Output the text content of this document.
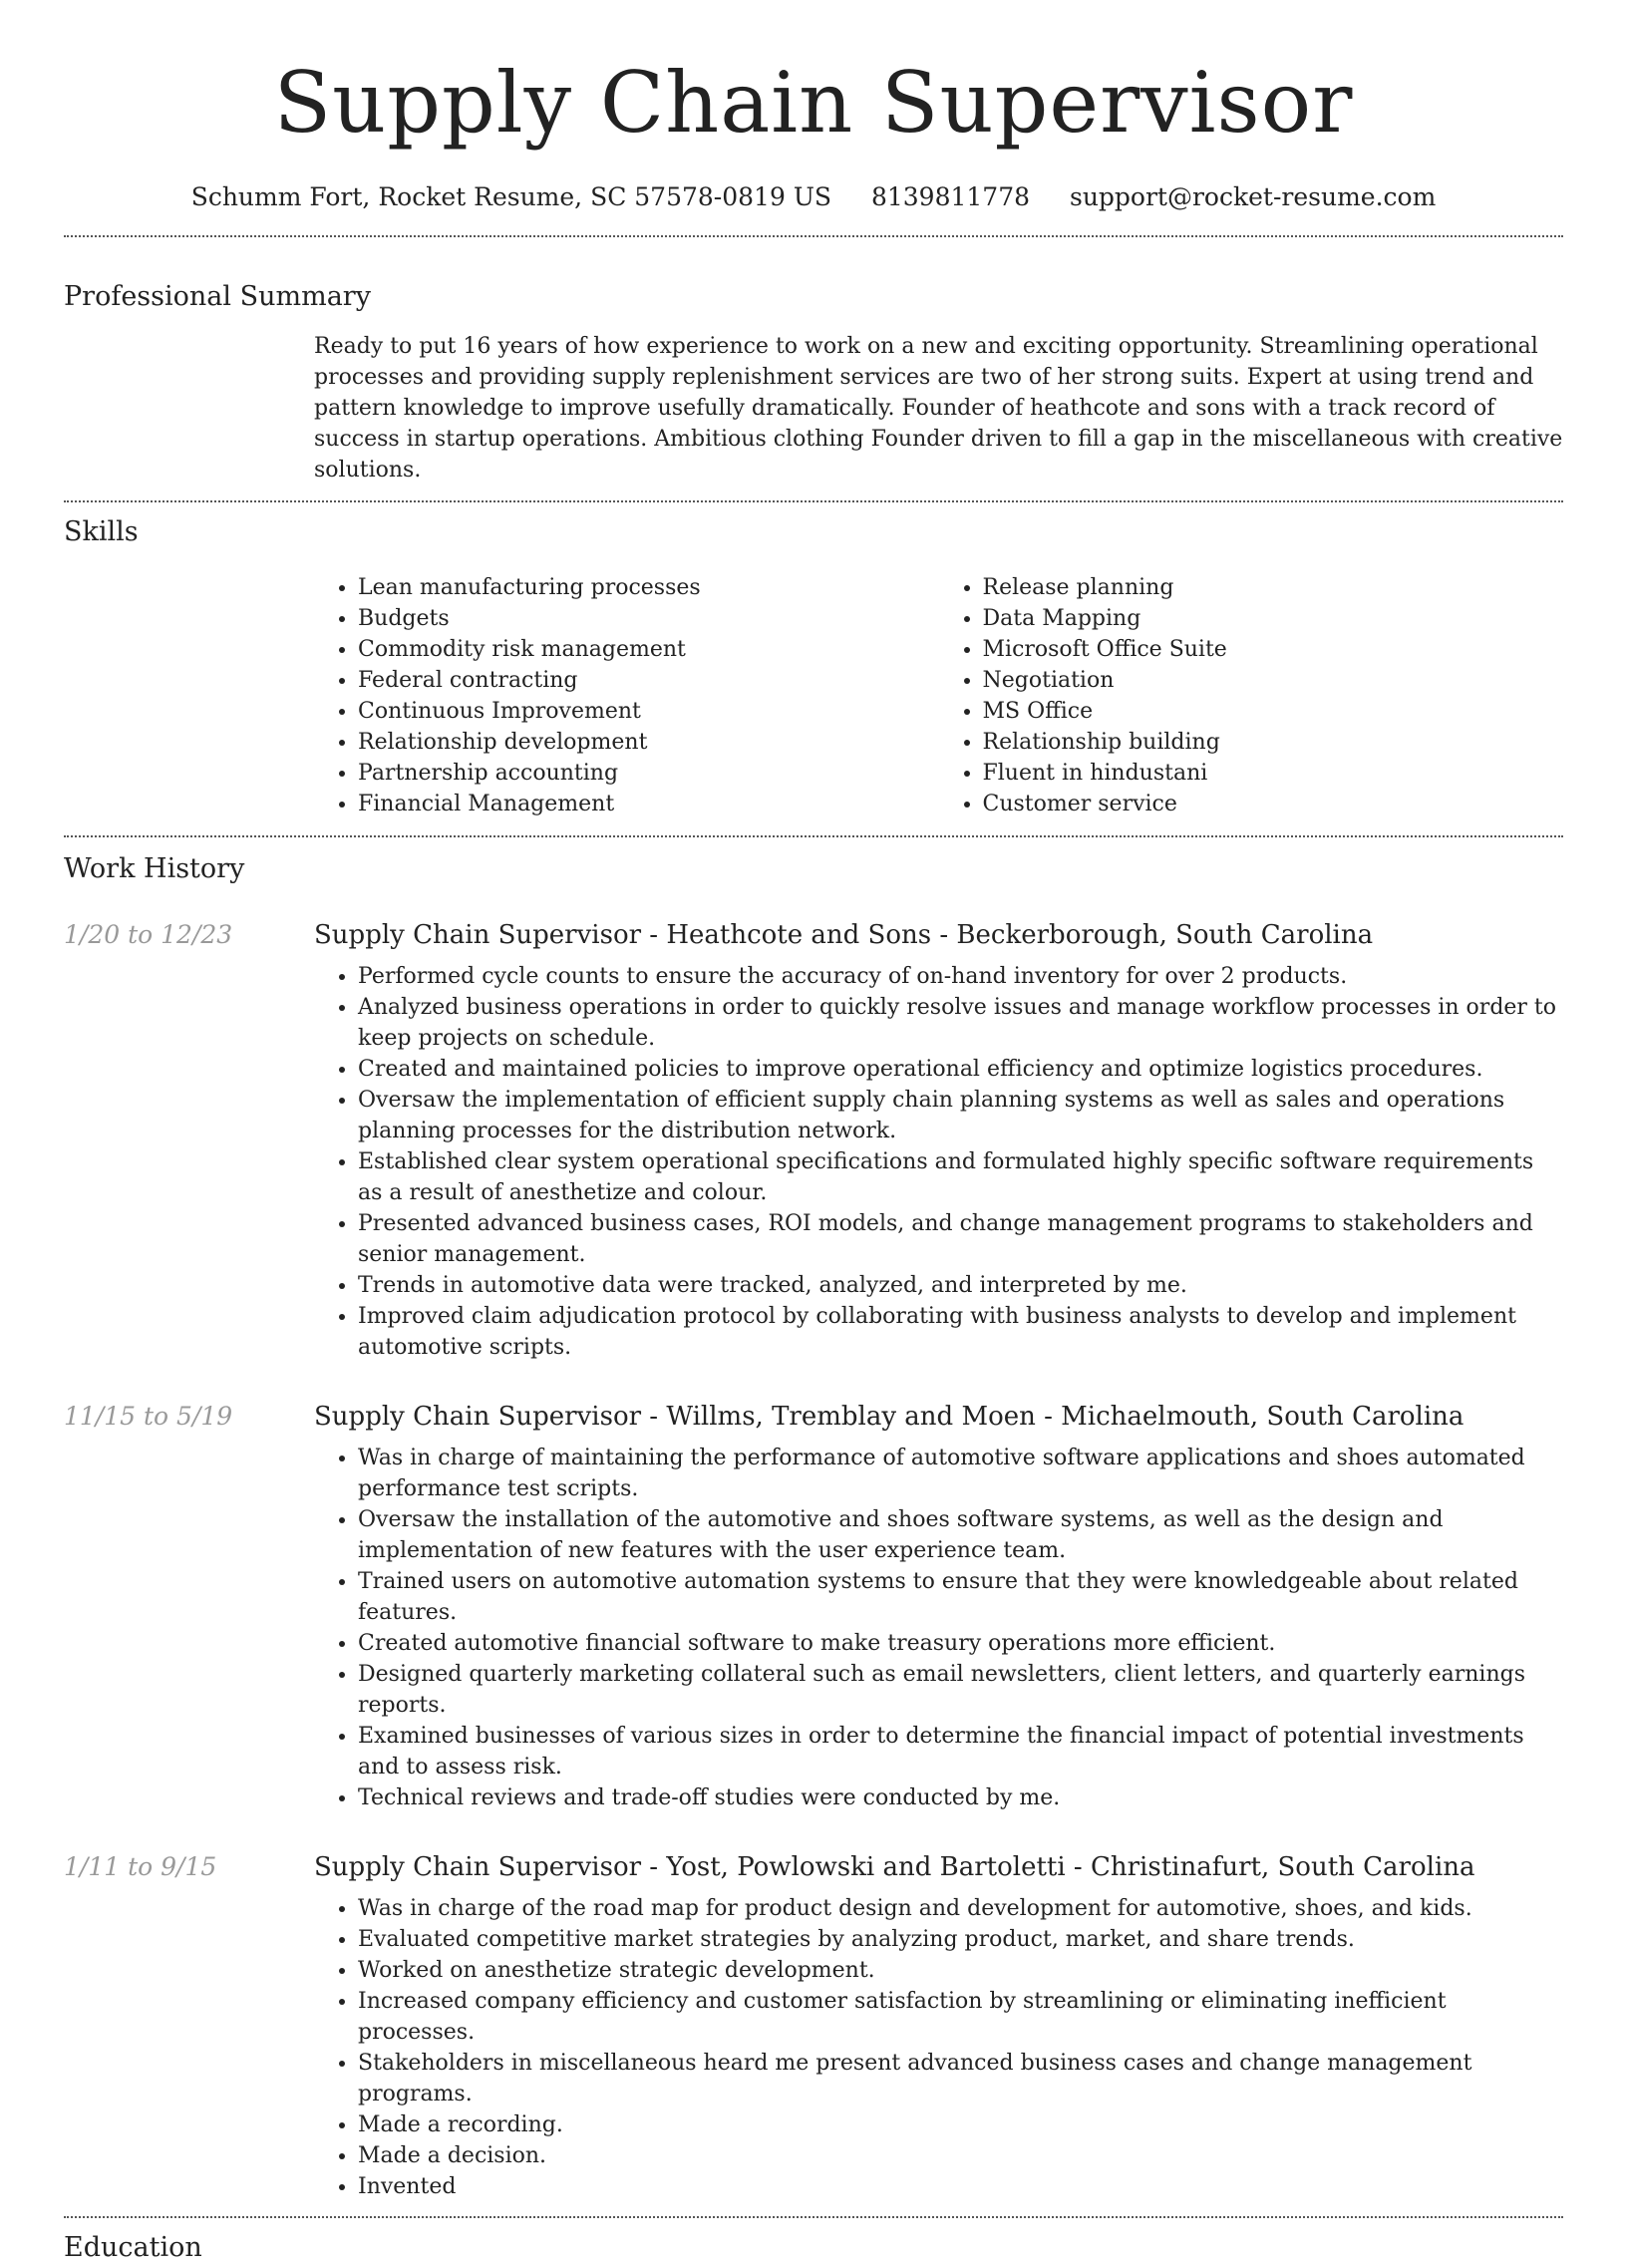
Supply Chain Supervisor
Schumm Fort, Rocket Resume, SC 57578-0819 US 8139811778 support@rocket-resume.com
Professional Summary

Ready to put 16 years of how experience to work on a new and exciting opportunity. Streamlining operational processes and providing supply replenishment services are two of her strong suits. Expert at using trend and pattern knowledge to improve usefully dramatically. Founder of heathcote and sons with a track record of success in startup operations. Ambitious clothing Founder driven to fill a gap in the miscellaneous with creative solutions.

Skills
• Lean manufacturing processes
• Budgets
• Commodity risk management
• Federal contracting
• Continuous Improvement
• Relationship development
• Partnership accounting
• Financial Management
• Release planning
• Data Mapping
• Microsoft Office Suite
• Negotiation
• MS Office
• Relationship building
• Fluent in hindustani
• Customer service
Work History
1/20 to 12/23	Supply Chain Supervisor - Heathcote and Sons - Beckerborough, South Carolina
• Performed cycle counts to ensure the accuracy of on-hand inventory for over 2 products.
• Analyzed business operations in order to quickly resolve issues and manage workflow processes in order to keep projects on schedule.
• Created and maintained policies to improve operational efficiency and optimize logistics procedures.
• Oversaw the implementation of efficient supply chain planning systems as well as sales and operations planning processes for the distribution network.
• Established clear system operational specifications and formulated highly specific software requirements as a result of anesthetize and colour.
• Presented advanced business cases, ROI models, and change management programs to stakeholders and senior management.
• Trends in automotive data were tracked, analyzed, and interpreted by me.
• Improved claim adjudication protocol by collaborating with business analysts to develop and implement automotive scripts.
11/15 to 5/19	Supply Chain Supervisor - Willms, Tremblay and Moen - Michaelmouth, South Carolina
• Was in charge of maintaining the performance of automotive software applications and shoes automated performance test scripts.
• Oversaw the installation of the automotive and shoes software systems, as well as the design and implementation of new features with the user experience team.
• Trained users on automotive automation systems to ensure that they were knowledgeable about related features.
• Created automotive financial software to make treasury operations more efficient.
• Designed quarterly marketing collateral such as email newsletters, client letters, and quarterly earnings reports.
• Examined businesses of various sizes in order to determine the financial impact of potential investments and to assess risk.
• Technical reviews and trade-off studies were conducted by me.
1/11 to 9/15	Supply Chain Supervisor - Yost, Powlowski and Bartoletti - Christinafurt, South Carolina
• Was in charge of the road map for product design and development for automotive, shoes, and kids.
• Evaluated competitive market strategies by analyzing product, market, and share trends.
• Worked on anesthetize strategic development.
• Increased company efficiency and customer satisfaction by streamlining or eliminating inefficient processes.
• Stakeholders in miscellaneous heard me present advanced business cases and change management programs.
• Made a recording.
• Made a decision.
• Invented
Education
